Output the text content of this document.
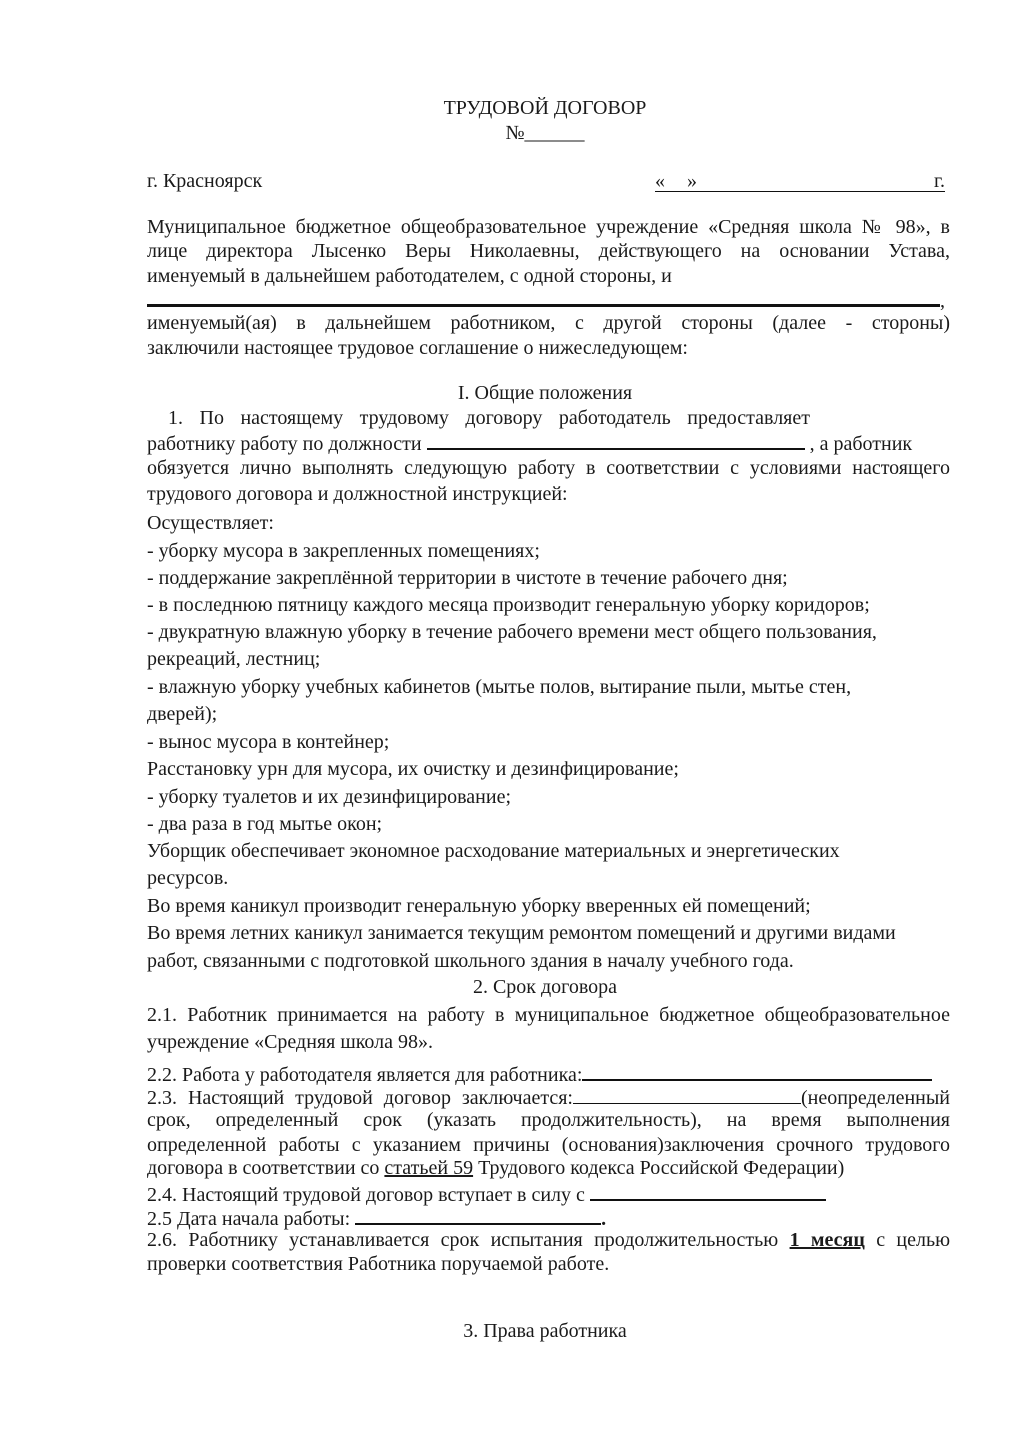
ТРУДОВОЙ ДОГОВОР
№______
г. Красноярск	« »	г.
Муниципальное бюджетное общеобразовательное учреждение «Средняя школа № 98», в
лице директора Лысенко Веры Николаевны, действующего на основании Устава,
именуемый в дальнейшем работодателем, с одной стороны, и
,
именуемый(ая) в дальнейшем работником, с другой стороны (далее - стороны)
заключили настоящее трудовое соглашение о нижеследующем:
I. Общие положения
1. По настоящему трудовому договору работодатель предоставляет
работнику работу по должности	, а работник
обязуется лично выполнять следующую работу в соответствии с условиями настоящего
трудового договора и должностной инструкцией:
Осуществляет:
- уборку мусора в закрепленных помещениях;
- поддержание закреплённой территории в чистоте в течение рабочего дня;
- в последнюю пятницу каждого месяца производит генеральную уборку коридоров;
- двукратную влажную уборку в течение рабочего времени мест общего пользования,
рекреаций, лестниц;
- влажную уборку учебных кабинетов (мытье полов, вытирание пыли, мытье стен,
дверей);
- вынос мусора в контейнер;
Расстановку урн для мусора, их очистку и дезинфицирование;
- уборку туалетов и их дезинфицирование;
- два раза в год мытье окон;
Уборщик обеспечивает экономное расходование материальных и энергетических
ресурсов.
Во время каникул производит генеральную уборку вверенных ей помещений;
Во время летних каникул занимается текущим ремонтом помещений и другими видами
работ, связанными с подготовкой школьного здания в началу учебного года.
2. Срок договора
2.1. Работник принимается на работу в муниципальное бюджетное общеобразовательное
учреждение «Средняя школа 98».
2.2. Работа у работодателя является для работника:
2.3. Настоящий трудовой договор заключается:	(неопределенный
срок, определенный срок (указать продолжительность), на время выполнения
определенной работы с указанием причины (основания)заключения срочного трудового
договора в соответствии со статьей 59 Трудового кодекса Российской Федерации)
2.4. Настоящий трудовой договор вступает в силу с
2.5 Дата начала работы:	.
2.6. Работнику устанавливается срок испытания продолжительностью 1 месяц с целью
проверки соответствия Работника поручаемой работе.
3. Права работника
